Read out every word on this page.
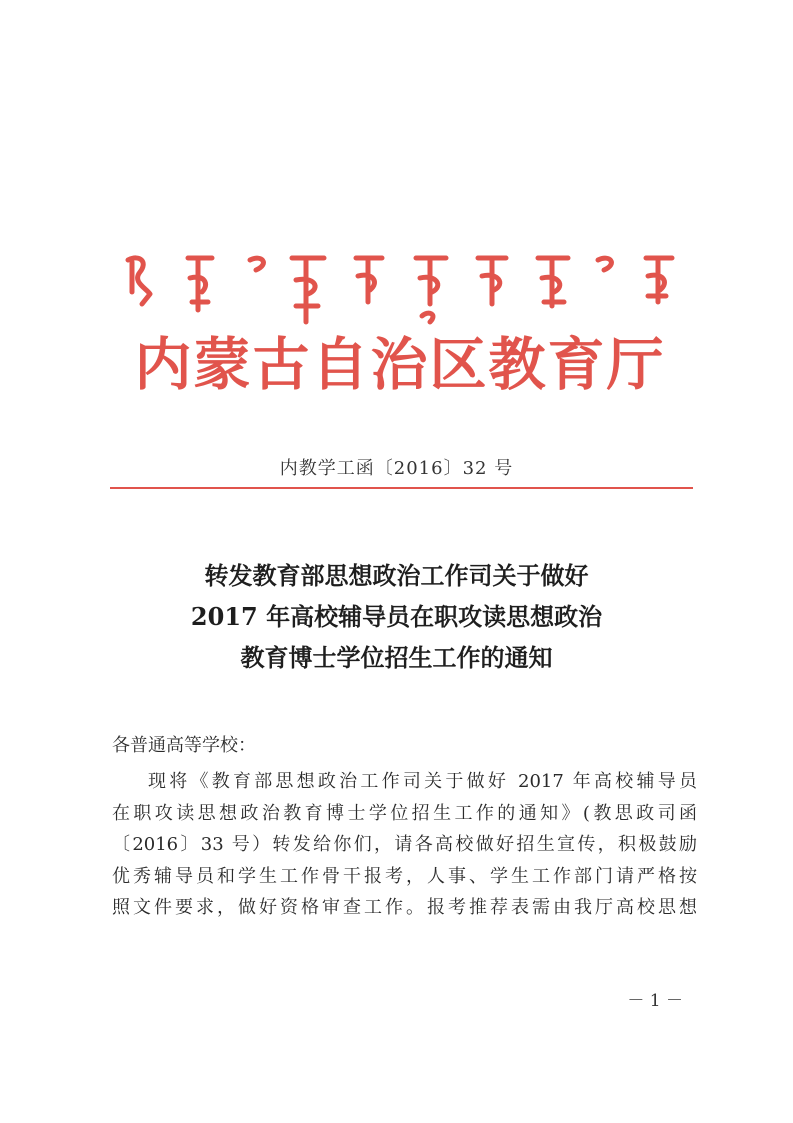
内蒙古自治区教育厅
内教学工函〔2016〕32 号
转发教育部思想政治工作司关于做好
2017 年高校辅导员在职攻读思想政治
教育博士学位招生工作的通知
各普通高等学校：
现将《教育部思想政治工作司关于做好 2017 年高校辅导员
在职攻读思想政治教育博士学位招生工作的通知》(教思政司函
〔2016〕33 号）转发给你们，请各高校做好招生宣传，积极鼓励
优秀辅导员和学生工作骨干报考，人事、学生工作部门请严格按
照文件要求，做好资格审查工作。报考推荐表需由我厅高校思想
－ 1 －
